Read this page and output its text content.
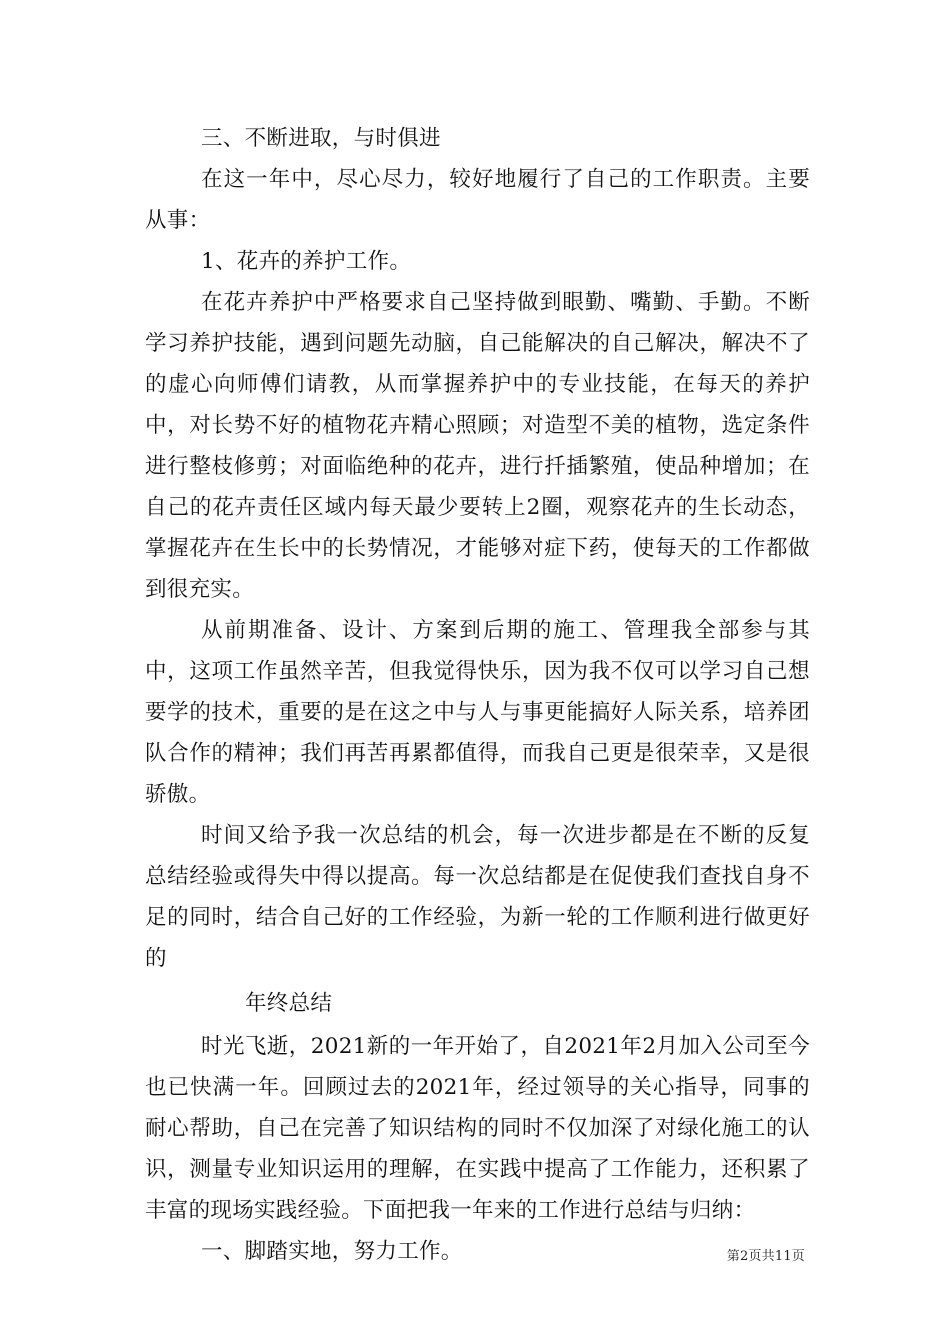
三、不断进取，与时俱进

在这一年中，尽心尽力，较好地履行了自己的工作职责。主要从事：

1、花卉的养护工作。

在花卉养护中严格要求自己坚持做到眼勤、嘴勤、手勤。不断学习养护技能，遇到问题先动脑，自己能解决的自己解决，解决不了的虚心向师傅们请教，从而掌握养护中的专业技能，在每天的养护中，对长势不好的植物花卉精心照顾；对造型不美的植物，选定条件进行整枝修剪；对面临绝种的花卉，进行扦插繁殖，使品种增加；在自己的花卉责任区域内每天最少要转上2圈，观察花卉的生长动态，掌握花卉在生长中的长势情况，才能够对症下药，使每天的工作都做到很充实。

从前期准备、设计、方案到后期的施工、管理我全部参与其中，这项工作虽然辛苦，但我觉得快乐，因为我不仅可以学习自己想要学的技术，重要的是在这之中与人与事更能搞好人际关系，培养团队合作的精神；我们再苦再累都值得，而我自己更是很荣幸，又是很骄傲。

时间又给予我一次总结的机会，每一次进步都是在不断的反复总结经验或得失中得以提高。每一次总结都是在促使我们查找自身不足的同时，结合自己好的工作经验，为新一轮的工作顺利进行做更好的

年终总结

时光飞逝，2021新的一年开始了，自2021年2月加入公司至今也已快满一年。回顾过去的2021年，经过领导的关心指导，同事的耐心帮助，自己在完善了知识结构的同时不仅加深了对绿化施工的认识，测量专业知识运用的理解，在实践中提高了工作能力，还积累了丰富的现场实践经验。下面把我一年来的工作进行总结与归纳：

一、脚踏实地，努力工作。	第2页共11页
